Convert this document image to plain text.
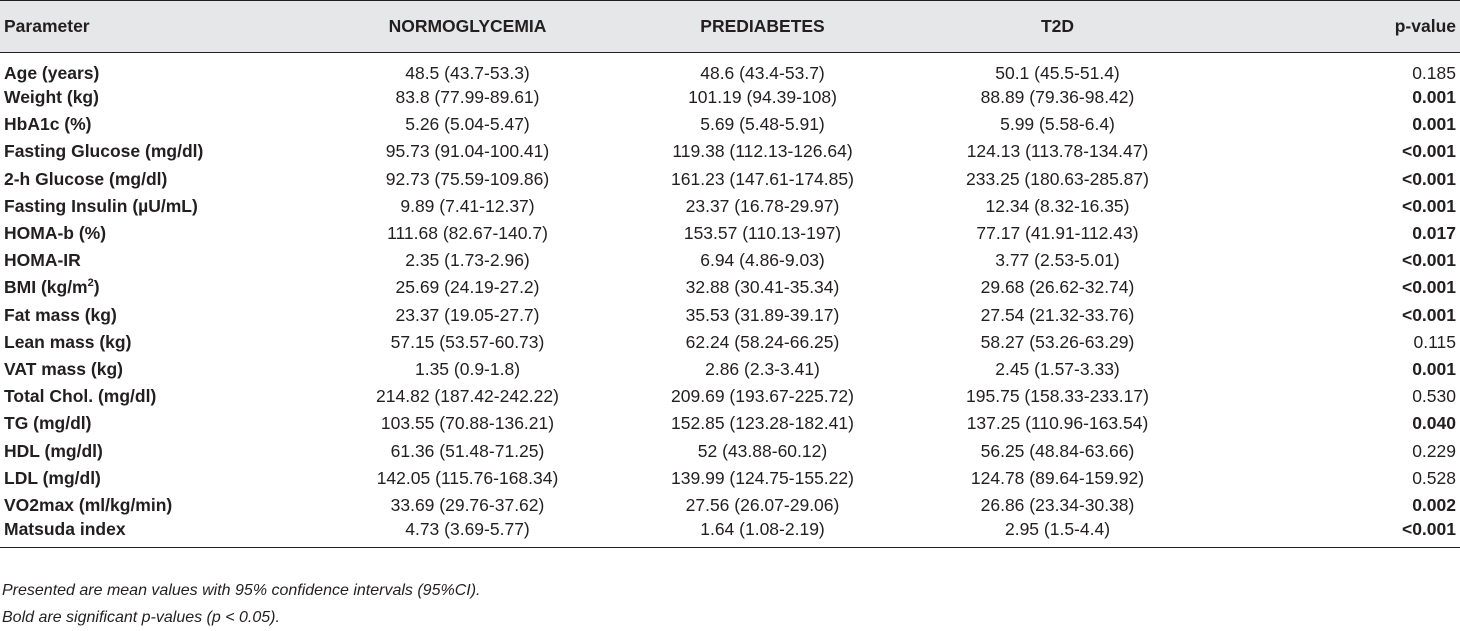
Parameter	NORMOGLYCEMIA	PREDIABETES	T2D	p-value
Age (years)	48.5 (43.7-53.3)	48.6 (43.4-53.7)	50.1 (45.5-51.4)	0.185
Weight (kg)	83.8 (77.99-89.61)	101.19 (94.39-108)	88.89 (79.36-98.42)	0.001
HbA1c (%)	5.26 (5.04-5.47)	5.69 (5.48-5.91)	5.99 (5.58-6.4)	0.001
Fasting Glucose (mg/dl)	95.73 (91.04-100.41)	119.38 (112.13-126.64)	124.13 (113.78-134.47)	<0.001
2-h Glucose (mg/dl)	92.73 (75.59-109.86)	161.23 (147.61-174.85)	233.25 (180.63-285.87)	<0.001
Fasting Insulin (µU/mL)	9.89 (7.41-12.37)	23.37 (16.78-29.97)	12.34 (8.32-16.35)	<0.001
HOMA-b (%)	111.68 (82.67-140.7)	153.57 (110.13-197)	77.17 (41.91-112.43)	0.017
HOMA-IR	2.35 (1.73-2.96)	6.94 (4.86-9.03)	3.77 (2.53-5.01)	<0.001
BMI $(kg/m^2)$	25.69 (24.19-27.2)	32.88 (30.41-35.34)	29.68 (26.62-32.74)	<0.001
Fat mass (kg)	23.37 (19.05-27.7)	35.53 (31.89-39.17)	27.54 (21.32-33.76)	<0.001
Lean mass (kg)	57.15 (53.57-60.73)	62.24 (58.24-66.25)	58.27 (53.26-63.29)	0.115
VAT mass (kg)	1.35 (0.9-1.8)	2.86 (2.3-3.41)	2.45 (1.57-3.33)	0.001
Total Chol. (mg/dl)	214.82 (187.42-242.22)	209.69 (193.67-225.72)	195.75 (158.33-233.17)	0.530
TG (mg/dl)	103.55 (70.88-136.21)	152.85 (123.28-182.41)	137.25 (110.96-163.54)	0.040
HDL (mg/dl)	61.36 (51.48-71.25)	52 (43.88-60.12)	56.25 (48.84-63.66)	0.229
LDL (mg/dl)	142.05 (115.76-168.34)	139.99 (124.75-155.22)	124.78 (89.64-159.92)	0.528
VO2max (ml/kg/min)	33.69 (29.76-37.62)	27.56 (26.07-29.06)	26.86 (23.34-30.38)	0.002
Matsuda index	4.73 (3.69-5.77)	1.64 (1.08-2.19)	2.95 (1.5-4.4)	<0.001
Presented are mean values with 95% confidence intervals (95%CI).
Bold are significant p-values (p < 0.05).
